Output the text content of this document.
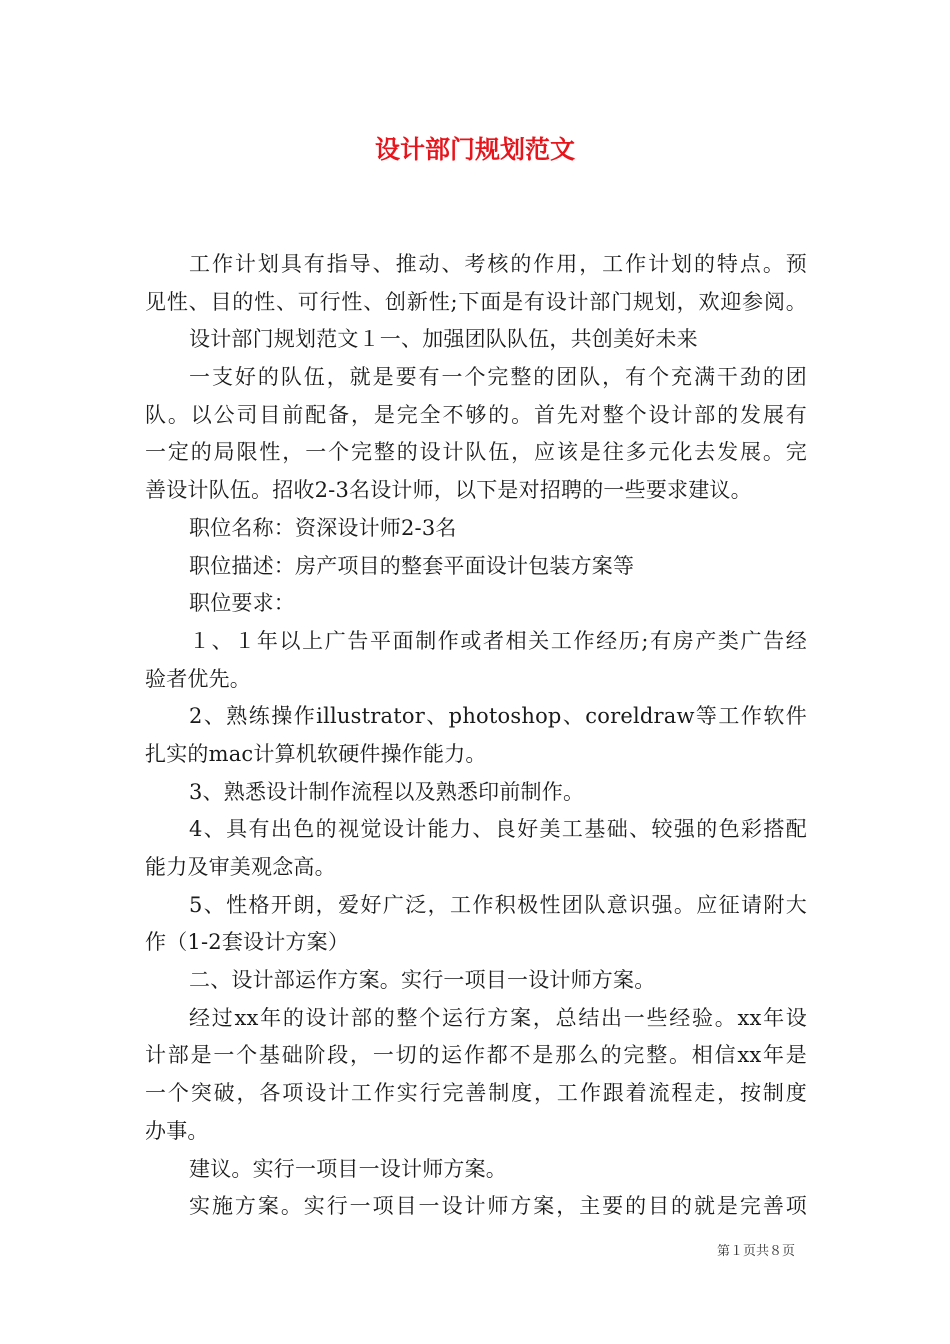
设计部门规划范文
工作计划具有指导、推动、考核的作用，工作计划的特点。预
见性、目的性、可行性、创新性;下面是有设计部门规划，欢迎参阅。
设计部门规划范文１一、加强团队队伍，共创美好未来
一支好的队伍，就是要有一个完整的团队，有个充满干劲的团
队。以公司目前配备，是完全不够的。首先对整个设计部的发展有
一定的局限性，一个完整的设计队伍，应该是往多元化去发展。完
善设计队伍。招收2-3名设计师，以下是对招聘的一些要求建议。
职位名称：资深设计师2-3名
职位描述：房产项目的整套平面设计包装方案等
职位要求：
１、１年以上广告平面制作或者相关工作经历;有房产类广告经
验者优先。
2、熟练操作illustrator、photoshop、coreldraw等工作软件
扎实的mac计算机软硬件操作能力。
3、熟悉设计制作流程以及熟悉印前制作。
4、具有出色的视觉设计能力、良好美工基础、较强的色彩搭配
能力及审美观念高。
5、性格开朗，爱好广泛，工作积极性团队意识强。应征请附大
作（1-2套设计方案）
二、设计部运作方案。实行一项目一设计师方案。
经过xx年的设计部的整个运行方案，总结出一些经验。xx年设
计部是一个基础阶段，一切的运作都不是那么的完整。相信xx年是
一个突破，各项设计工作实行完善制度，工作跟着流程走，按制度
办事。
建议。实行一项目一设计师方案。
实施方案。实行一项目一设计师方案，主要的目的就是完善项
第１页共８页
